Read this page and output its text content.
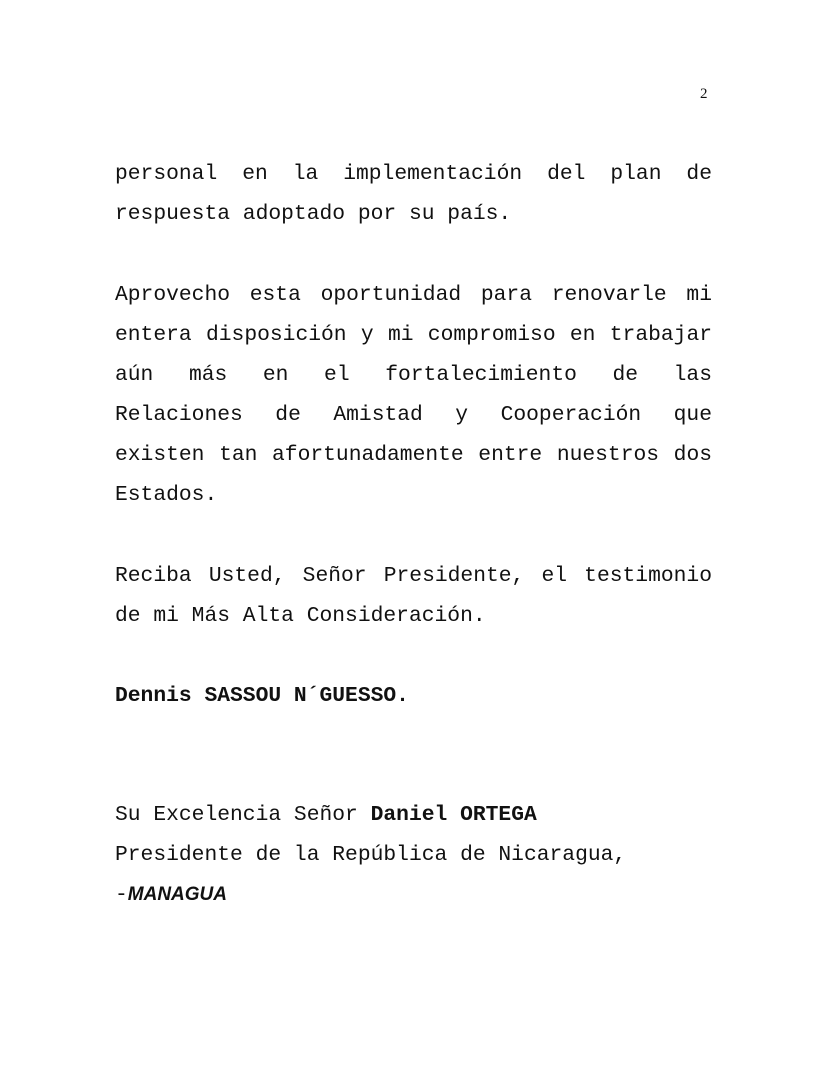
2

personal en la implementación del plan de respuesta adoptado por su país.

Aprovecho esta oportunidad para renovarle mi entera disposición y mi compromiso en trabajar aún más en el fortalecimiento de las Relaciones de Amistad y Cooperación que existen tan afortunadamente entre nuestros dos Estados.

Reciba Usted, Señor Presidente, el testimonio de mi Más Alta Consideración.

Dennis SASSOU N´GUESSO.

Su Excelencia Señor Daniel ORTEGA
Presidente de la República de Nicaragua,
-MANAGUA
